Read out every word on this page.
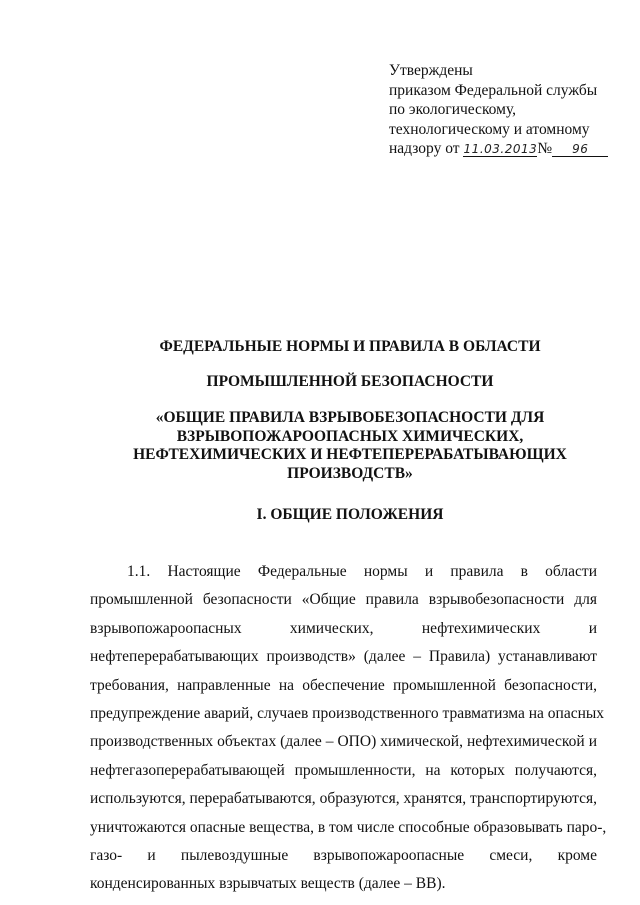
Утверждены
приказом Федеральной службы
по экологическому,
технологическому и атомному
надзору от 11.03.2013№ 96
ФЕДЕРАЛЬНЫЕ НОРМЫ И ПРАВИЛА В ОБЛАСТИ
ПРОМЫШЛЕННОЙ БЕЗОПАСНОСТИ
«ОБЩИЕ ПРАВИЛА ВЗРЫВОБЕЗОПАСНОСТИ ДЛЯ
ВЗРЫВОПОЖАРООПАСНЫХ ХИМИЧЕСКИХ,
НЕФТЕХИМИЧЕСКИХ И НЕФТЕПЕРЕРАБАТЫВАЮЩИХ
ПРОИЗВОДСТВ»
I. ОБЩИЕ ПОЛОЖЕНИЯ
1.1. Настоящие Федеральные нормы и правила в области
промышленной безопасности «Общие правила взрывобезопасности для
взрывопожароопасных химических, нефтехимических и
нефтеперерабатывающих производств» (далее – Правила) устанавливают
требования, направленные на обеспечение промышленной безопасности,
предупреждение аварий, случаев производственного травматизма на опасных
производственных объектах (далее – ОПО) химической, нефтехимической и
нефтегазоперерабатывающей промышленности, на которых получаются,
используются, перерабатываются, образуются, хранятся, транспортируются,
уничтожаются опасные вещества, в том числе способные образовывать паро-,
газо- и пылевоздушные взрывопожароопасные смеси, кроме
конденсированных взрывчатых веществ (далее – ВВ).
